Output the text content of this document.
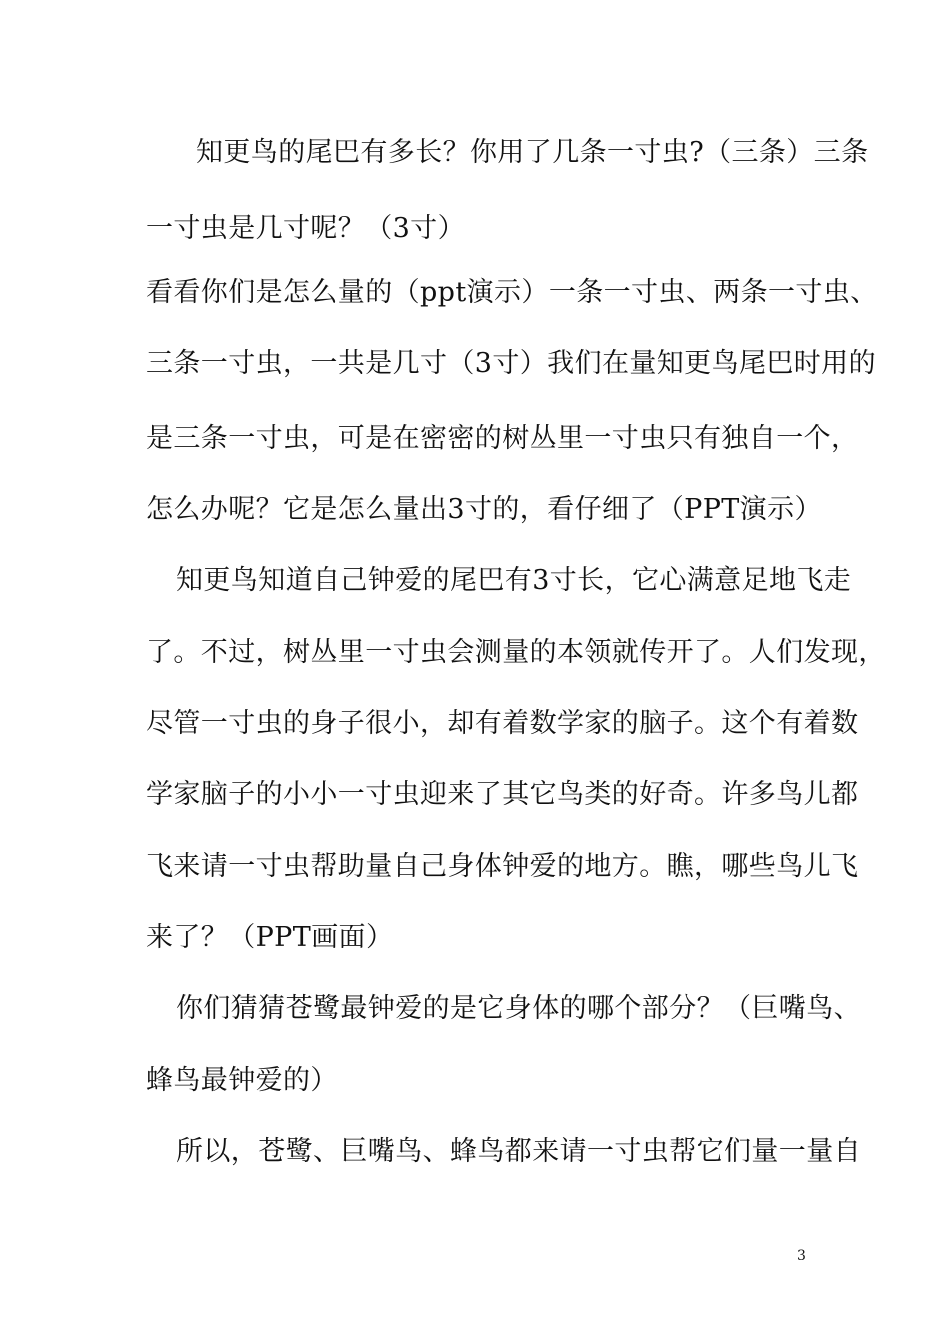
知更鸟的尾巴有多长？你用了几条一寸虫?（三条）三条
一寸虫是几寸呢？（3寸）
看看你们是怎么量的（ppt演示）一条一寸虫、两条一寸虫、
三条一寸虫，一共是几寸（3寸）我们在量知更鸟尾巴时用的
是三条一寸虫，可是在密密的树丛里一寸虫只有独自一个，
怎么办呢？它是怎么量出3寸的，看仔细了（PPT演示）
知更鸟知道自己钟爱的尾巴有3寸长，它心满意足地飞走
了。不过，树丛里一寸虫会测量的本领就传开了。人们发现，
尽管一寸虫的身子很小，却有着数学家的脑子。这个有着数
学家脑子的小小一寸虫迎来了其它鸟类的好奇。许多鸟儿都
飞来请一寸虫帮助量自己身体钟爱的地方。瞧，哪些鸟儿飞
来了？（PPT画面）
你们猜猜苍鹭最钟爱的是它身体的哪个部分？（巨嘴鸟、
蜂鸟最钟爱的）
所以，苍鹭、巨嘴鸟、蜂鸟都来请一寸虫帮它们量一量自
3
